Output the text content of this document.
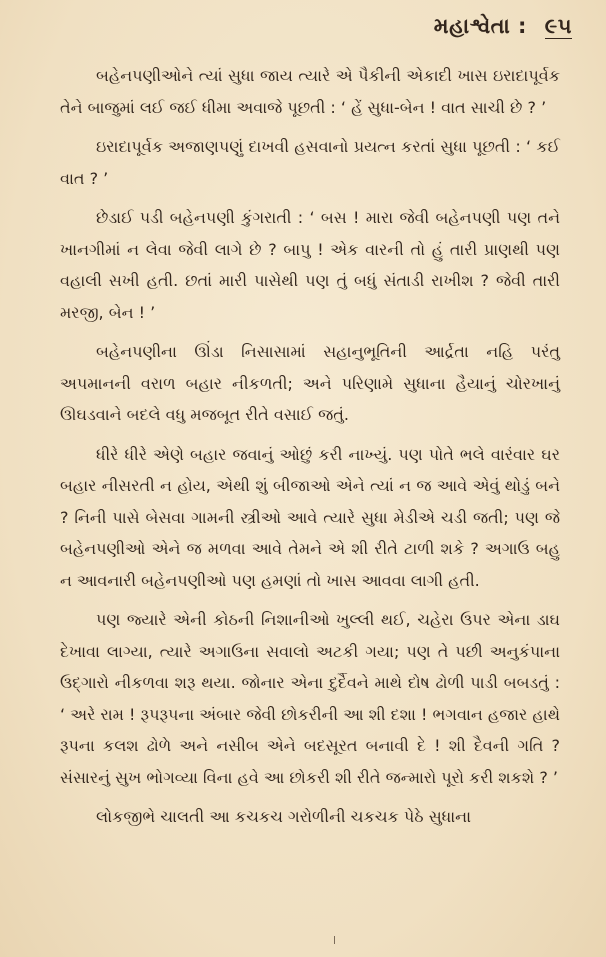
મહાશ્વેતા : ૯૫

બહેનપણીઓને ત્યાં સુધા જાય ત્યારે એ પૈકીની એકાદી ખાસ ઇરાદાપૂર્વક તેને બાજુમાં લઈ જઈ ધીમા અવાજે પૂછતી : ‘ હેં સુધા-બેન ! વાત સાચી છે ? ’

ઇરાદાપૂર્વક અજાણપણું દાખવી હસવાનો પ્રયત્ન કરતાં સુધા પૂછતી : ‘ કઈ વાત ? ’

છેડાઈ પડી બહેનપણી કુંગરાતી : ‘ બસ ! મારા જેવી બહેનપણી પણ તને ખાનગીમાં ન લેવા જેવી લાગે છે ? બાપુ ! એક વારની તો હું તારી પ્રાણથી પણ વહાલી સખી હતી. છતાં મારી પાસેથી પણ તું બધું સંતાડી રાખીશ ? જેવી તારી મરજી, બેન ! ’

બહેનપણીના ઊંડા નિસાસામાં સહાનુભૂતિની આર્દ્રતા નહિ પરંતુ અપમાનની વરાળ બહાર નીકળતી; અને પરિણામે સુધાના હૈયાનું ચોરખાનું ઊઘડવાને બદલે વધુ મજબૂત રીતે વસાઈ જતું.

ધીરે ધીરે એણે બહાર જવાનું ઓછું કરી નાખ્યું. પણ પોતે ભલે વારંવાર ઘર બહાર નીસરતી ન હોય, એથી શું બીજાઓ એને ત્યાં ન જ આવે એવું થોડું બને ? નિની પાસે બેસવા ગામની સ્ત્રીઓ આવે ત્યારે સુધા મેડીએ ચડી જતી; પણ જે બહેનપણીઓ એને જ મળવા આવે તેમને એ શી રીતે ટાળી શકે ? અગાઉ બહુ ન આવનારી બહેનપણીઓ પણ હમણાં તો ખાસ આવવા લાગી હતી.

પણ જ્યારે એની કોઠની નિશાનીઓ ખુલ્લી થઈ, ચહેરા ઉપર એના ડાઘ દેખાવા લાગ્યા, ત્યારે અગાઉના સવાલો અટકી ગયા; પણ તે પછી અનુકંપાના ઉદ્ગારો નીકળવા શરૂ થયા. જોનાર એના દુર્દૈવને માથે દોષ ઢોળી પાડી બબડતું : ‘ અરે રામ ! રૂપરૂપના અંબાર જેવી છોકરીની આ શી દશા ! ભગવાન હજાર હાથે રૂપના કલશ ઢોળે અને નસીબ એને બદસૂરત બનાવી દે ! શી દૈવની ગતિ ? સંસારનું સુખ ભોગવ્યા વિના હવે આ છોકરી શી રીતે જન્મારો પૂરો કરી શકશે ? ’

લોકજીભે ચાલતી આ કચકચ ગરોળીની ચકચક પેઠે સુધાના
